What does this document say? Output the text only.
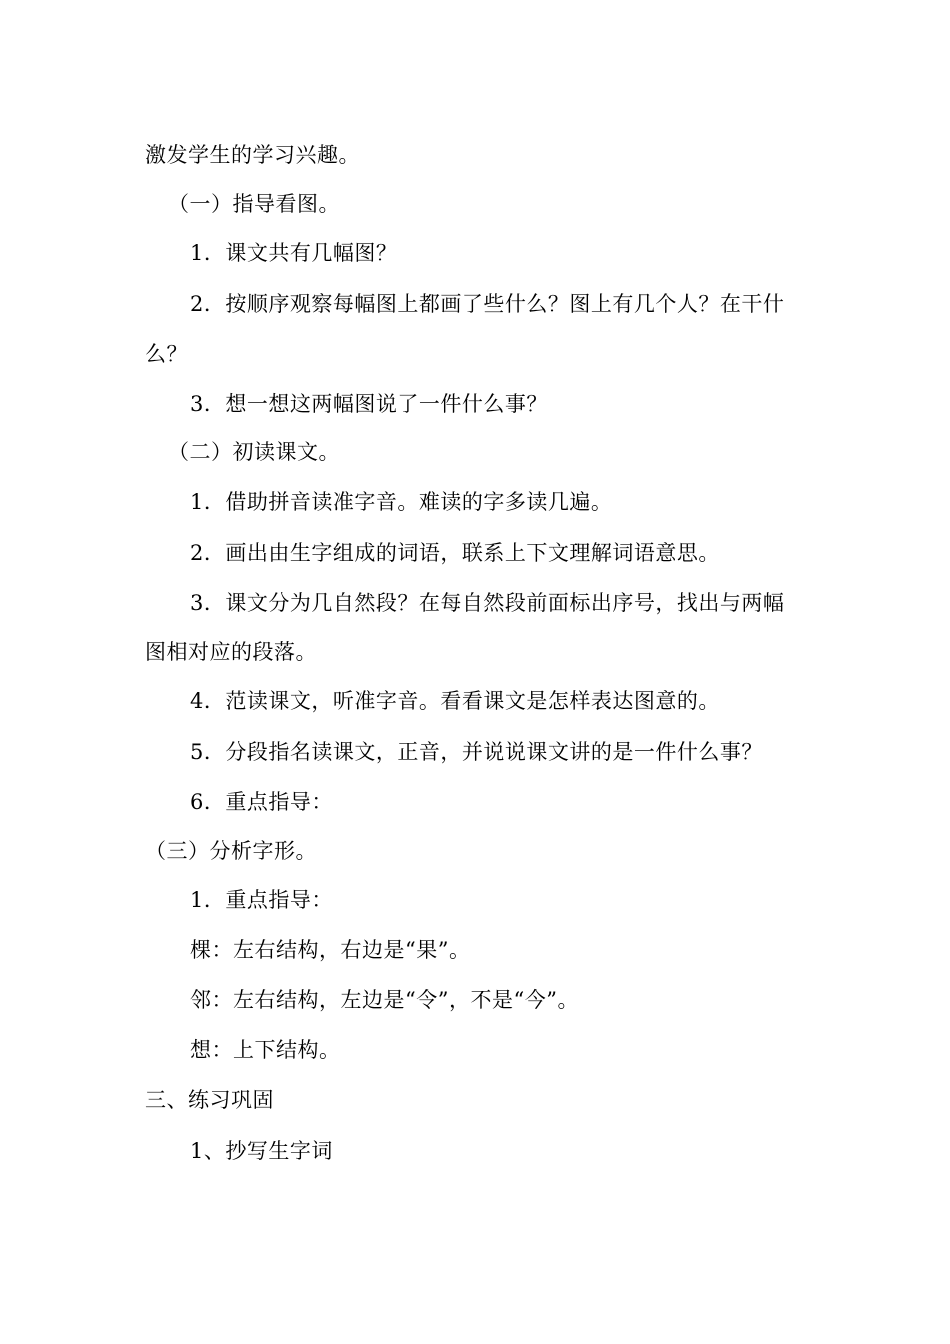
激发学生的学习兴趣。
（一）指导看图。
1．课文共有几幅图？
2．按顺序观察每幅图上都画了些什么？图上有几个人？在干什
么？
3．想一想这两幅图说了一件什么事？
（二）初读课文。
1．借助拼音读准字音。难读的字多读几遍。
2．画出由生字组成的词语，联系上下文理解词语意思。
3．课文分为几自然段？在每自然段前面标出序号，找出与两幅
图相对应的段落。
4．范读课文，听准字音。看看课文是怎样表达图意的。
5．分段指名读课文，正音，并说说课文讲的是一件什么事？
6．重点指导：
（三）分析字形。
1．重点指导：
棵：左右结构，右边是“果”。
邻：左右结构，左边是“令”，不是“今”。
想：上下结构。
三、练习巩固
1、抄写生字词
